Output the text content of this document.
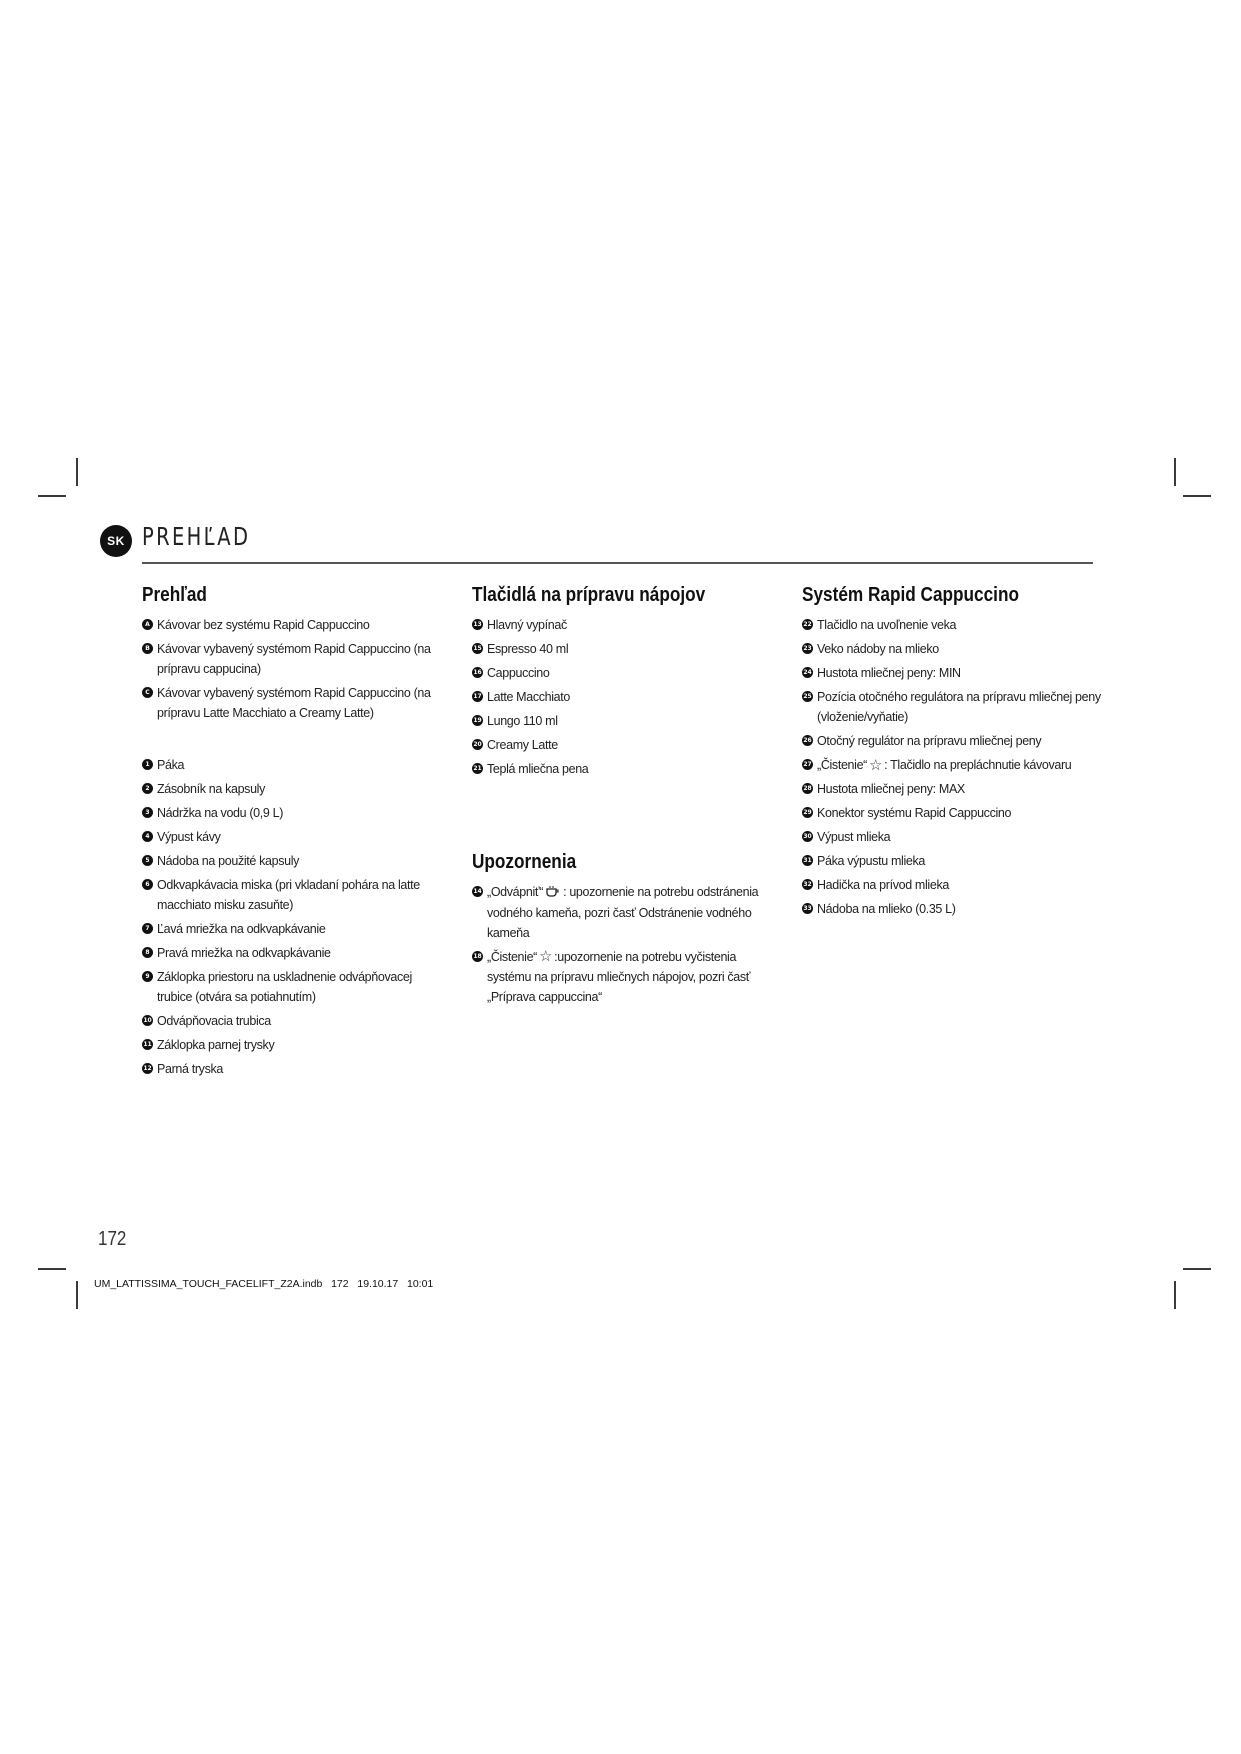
SK PREHĽAD
Prehľad
A Kávovar bez systému Rapid Cappuccino
B Kávovar vybavený systémom Rapid Cappuccino (na prípravu cappucina)
C Kávovar vybavený systémom Rapid Cappuccino (na prípravu Latte Macchiato a Creamy Latte)
1 Páka
2 Zásobník na kapsuly
3 Nádržka na vodu (0,9 L)
4 Výpust kávy
5 Nádoba na použité kapsuly
6 Odkvapkávacia miska (pri vkladaní pohára na latte macchiato misku zasuňte)
7 Ľavá mriežka na odkvapkávanie
8 Pravá mriežka na odkvapkávanie
9 Záklopka priestoru na uskladnenie odvápňovacej trubice (otvára sa potiahnutím)
10 Odvápňovacia trubica
11 Záklopka parnej trysky
12 Parná tryska
Tlačidlá na prípravu nápojov
13 Hlavný vypínač
15 Espresso 40 ml
16 Cappuccino
17 Latte Macchiato
19 Lungo 110 ml
20 Creamy Latte
21 Teplá mliečna pena
Upozornenia
14 „Odvápniť“ : upozornenie na potrebu odstránenia vodného kameňa, pozri časť Odstránenie vodného kameňa
18 „Čistenie“ ☆ :upozornenie na potrebu vyčistenia systému na prípravu mliečnych nápojov, pozri časť „Príprava cappuccina“
Systém Rapid Cappuccino
22 Tlačidlo na uvoľnenie veka
23 Veko nádoby na mlieko
24 Hustota mliečnej peny: MIN
25 Pozícia otočného regulátora na prípravu mliečnej peny (vloženie/vyňatie)
26 Otočný regulátor na prípravu mliečnej peny
27 „Čistenie“ ☆ : Tlačidlo na prepláchnutie kávovaru
28 Hustota mliečnej peny: MAX
29 Konektor systému Rapid Cappuccino
30 Výpust mlieka
31 Páka výpustu mlieka
32 Hadička na prívod mlieka
33 Nádoba na mlieko (0.35 L)
172
UM_LATTISSIMA_TOUCH_FACELIFT_Z2A.indb   172   19.10.17   10:01
